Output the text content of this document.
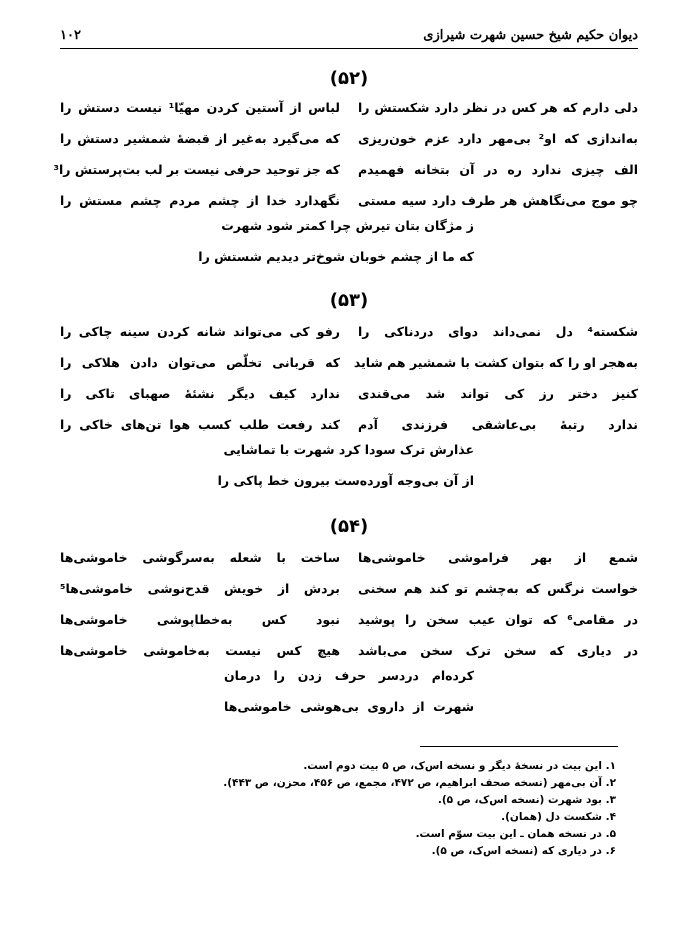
۱۰۲	دیوان حکیم شیخ حسین شهرت شیرازی
(۵۲)
دلی دارم که هر کس در نظر دارد شکستش را
لباس از آستین کردن مهیّا¹ نیست دستش را
به‌اندازی که او² بی‌مهر دارد عزم خون‌ریزی
که می‌گیرد به‌غیر از قبضهٔ شمشیر دستش را
الف چیزی ندارد ره در آن بتخانه فهمیدم
که جز توحید حرفی نیست بر لب بت‌پرستش را³
چو موج می‌نگاهش هر طرف دارد سیه مستی
نگهدارد خدا از چشم مردم چشم مستش را
ز مژگان بتان تیرش چرا کمتر شود شهرت
که ما از چشم خوبان شوخ‌تر دیدیم شستش را
(۵۳)
شکسته⁴ دل نمی‌داند دوای دردناکی را
رفو کی می‌تواند شانه کردن سینه چاکی را
به‌هجر او را که بتوان کشت با شمشیر هم شاید
که قربانی تخلّص می‌توان دادن هلاکی را
کنیز دختر رز کی تواند شد می‌قندی
ندارد کیف دیگر نشئهٔ صهبای تاکی را
ندارد رتبهٔ بی‌عاشقی فرزندی آدم
کند رفعت طلب کسب هوا تن‌های خاکی را
عذارش ترک سودا کرد شهرت با تماشایی
از آن بی‌وجه آورده‌ست بیرون خط پاکی را
(۵۴)
شمع از بهر فراموشی خاموشی‌ها
ساخت با شعله به‌سرگوشی خاموشی‌ها
خواست نرگس که به‌چشم تو کند هم سخنی
بردش از خویش قدح‌نوشی خاموشی‌ها⁵
در مقامی⁶ که توان عیب سخن را پوشید
نبود کس به‌خطاپوشی خاموشی‌ها
در دیاری که سخن ترک سخن می‌باشد
هیچ کس نیست به‌خاموشی خاموشی‌ها
کرده‌ام دردسر حرف زدن را درمان
شهرت از داروی بی‌هوشی خاموشی‌ها
۱. این بیت در نسخهٔ دیگر و نسخه اس‌ک، ص ۵ بیت دوم است.
۲. آن بی‌مهر (نسخه صحف ابراهیم، ص ۴۷۲، مجمع، ص ۴۵۶، محزن، ص ۴۴۳).
۳. بود شهرت (نسخه اس‌ک، ص ۵).
۴. شکست دل (همان).
۵. در نسخه همان ـ این بیت سوّم است.
۶. در دیاری که (نسخه اس‌ک، ص ۵).
